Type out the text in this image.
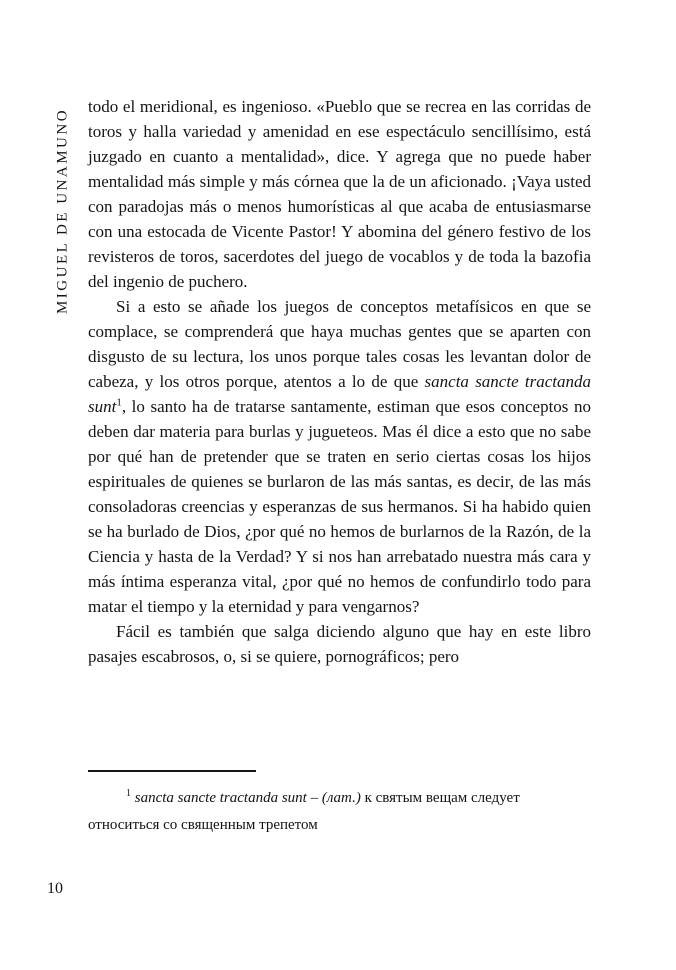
MIGUEL DE UNAMUNO

todo el meridional, es ingenioso. «Pueblo que se recrea en las corridas de toros y halla variedad y amenidad en ese espectáculo sencillísimo, está juzgado en cuanto a mentalidad», dice. Y agrega que no puede haber mentalidad más simple y más córnea que la de un aficionado. ¡Vaya usted con paradojas más o menos humorísticas al que acaba de entusiasmarse con una estocada de Vicente Pastor! Y abomina del género festivo de los revisteros de toros, sacerdotes del juego de vocablos y de toda la bazofia del ingenio de puchero.

Si a esto se añade los juegos de conceptos metafísicos en que se complace, se comprenderá que haya muchas gentes que se aparten con disgusto de su lectura, los unos porque tales cosas les levantan dolor de cabeza, y los otros porque, atentos a lo de que sancta sancte tractanda sunt$^1$, lo santo ha de tratarse santamente, estiman que esos conceptos no deben dar materia para burlas y jugueteos. Mas él dice a esto que no sabe por qué han de pretender que se traten en serio ciertas cosas los hijos espirituales de quienes se burlaron de las más santas, es decir, de las más consoladoras creencias y esperanzas de sus hermanos. Si ha habido quien se ha burlado de Dios, ¿por qué no hemos de burlarnos de la Razón, de la Ciencia y hasta de la Verdad? Y si nos han arrebatado nuestra más cara y más íntima esperanza vital, ¿por qué no hemos de confundirlo todo para matar el tiempo y la eternidad y para vengarnos?

Fácil es también que salga diciendo alguno que hay en este libro pasajes escabrosos, o, si se quiere, pornográficos; pero

$^1$ sancta sancte tractanda sunt – (лат.) к святым вещам следует относиться со священным трепетом

10
